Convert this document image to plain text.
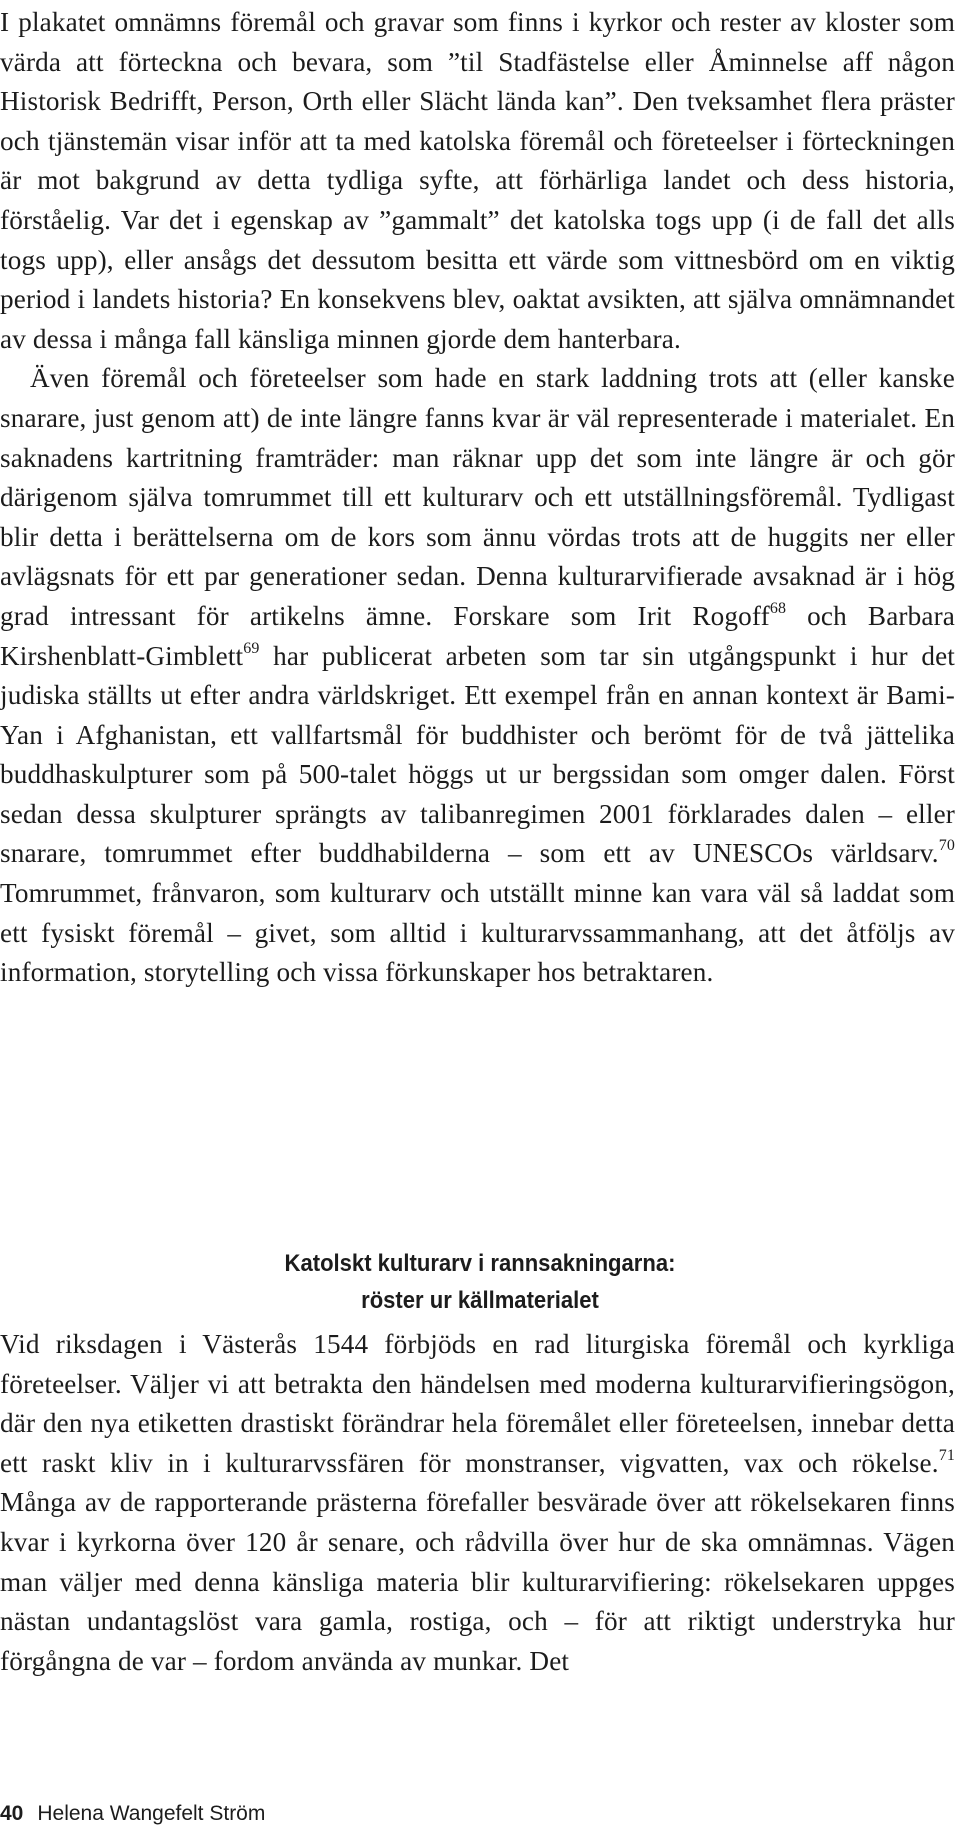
I plakatet omnämns föremål och gravar som finns i kyrkor och rester av kloster som värda att förteckna och bevara, som ”til Stadfästelse eller Åminnelse aff någon Historisk Bedrifft, Person, Orth eller Slächt lända kan”. Den tveksamhet flera präster och tjänstemän visar inför att ta med katolska föremål och företeelser i förteckningen är mot bakgrund av detta tydliga syfte, att förhärliga landet och dess historia, förståelig. Var det i egenskap av ”gammalt” det katolska togs upp (i de fall det alls togs upp), eller ansågs det dessutom besitta ett värde som vittnesbörd om en viktig period i landets historia? En konsekvens blev, oaktat avsikten, att själva omnämnandet av dessa i många fall känsliga minnen gjorde dem hanterbara.

Även föremål och företeelser som hade en stark laddning trots att (eller kanske snarare, just genom att) de inte längre fanns kvar är väl representerade i materialet. En saknadens kartritning framträder: man räknar upp det som inte längre är och gör därigenom själva tomrummet till ett kulturarv och ett utställningsföremål. Tydligast blir detta i berättelserna om de kors som ännu vördas trots att de huggits ner eller avlägsnats för ett par generationer sedan. Denna kulturarvifierade avsaknad är i hög grad intressant för artikelns ämne. Forskare som Irit Rogoff$^{68}$ och Barbara Kirshenblatt-Gimblett$^{69}$ har publicerat arbeten som tar sin utgångspunkt i hur det judiska ställts ut efter andra världskriget. Ett exempel från en annan kontext är Bami-Yan i Afghanistan, ett vallfartsmål för buddhister och berömt för de två jättelika buddhaskulpturer som på 500-talet höggs ut ur bergssidan som omger dalen. Först sedan dessa skulpturer sprängts av talibanregimen 2001 förklarades dalen – eller snarare, tomrummet efter buddhabilderna – som ett av UNESCOs världsarv.$^{70}$ Tomrummet, frånvaron, som kulturarv och utställt minne kan vara väl så laddat som ett fysiskt föremål – givet, som alltid i kulturarvssammanhang, att det åtföljs av information, storytelling och vissa förkunskaper hos betraktaren.

Katolskt kulturarv i rannsakningarna:
röster ur källmaterialet

Vid riksdagen i Västerås 1544 förbjöds en rad liturgiska föremål och kyrkliga företeelser. Väljer vi att betrakta den händelsen med moderna kulturarvifieringsögon, där den nya etiketten drastiskt förändrar hela föremålet eller företeelsen, innebar detta ett raskt kliv in i kulturarvssfären för monstranser, vigvatten, vax och rökelse.$^{71}$ Många av de rapporterande prästerna förefaller besvärade över att rökelsekaren finns kvar i kyrkorna över 120 år senare, och rådvilla över hur de ska omnämnas. Vägen man väljer med denna känsliga materia blir kulturarvifiering: rökelsekaren uppges nästan undantagslöst vara gamla, rostiga, och – för att riktigt understryka hur förgångna de var – fordom använda av munkar. Det

40 Helena Wangefelt Ström
